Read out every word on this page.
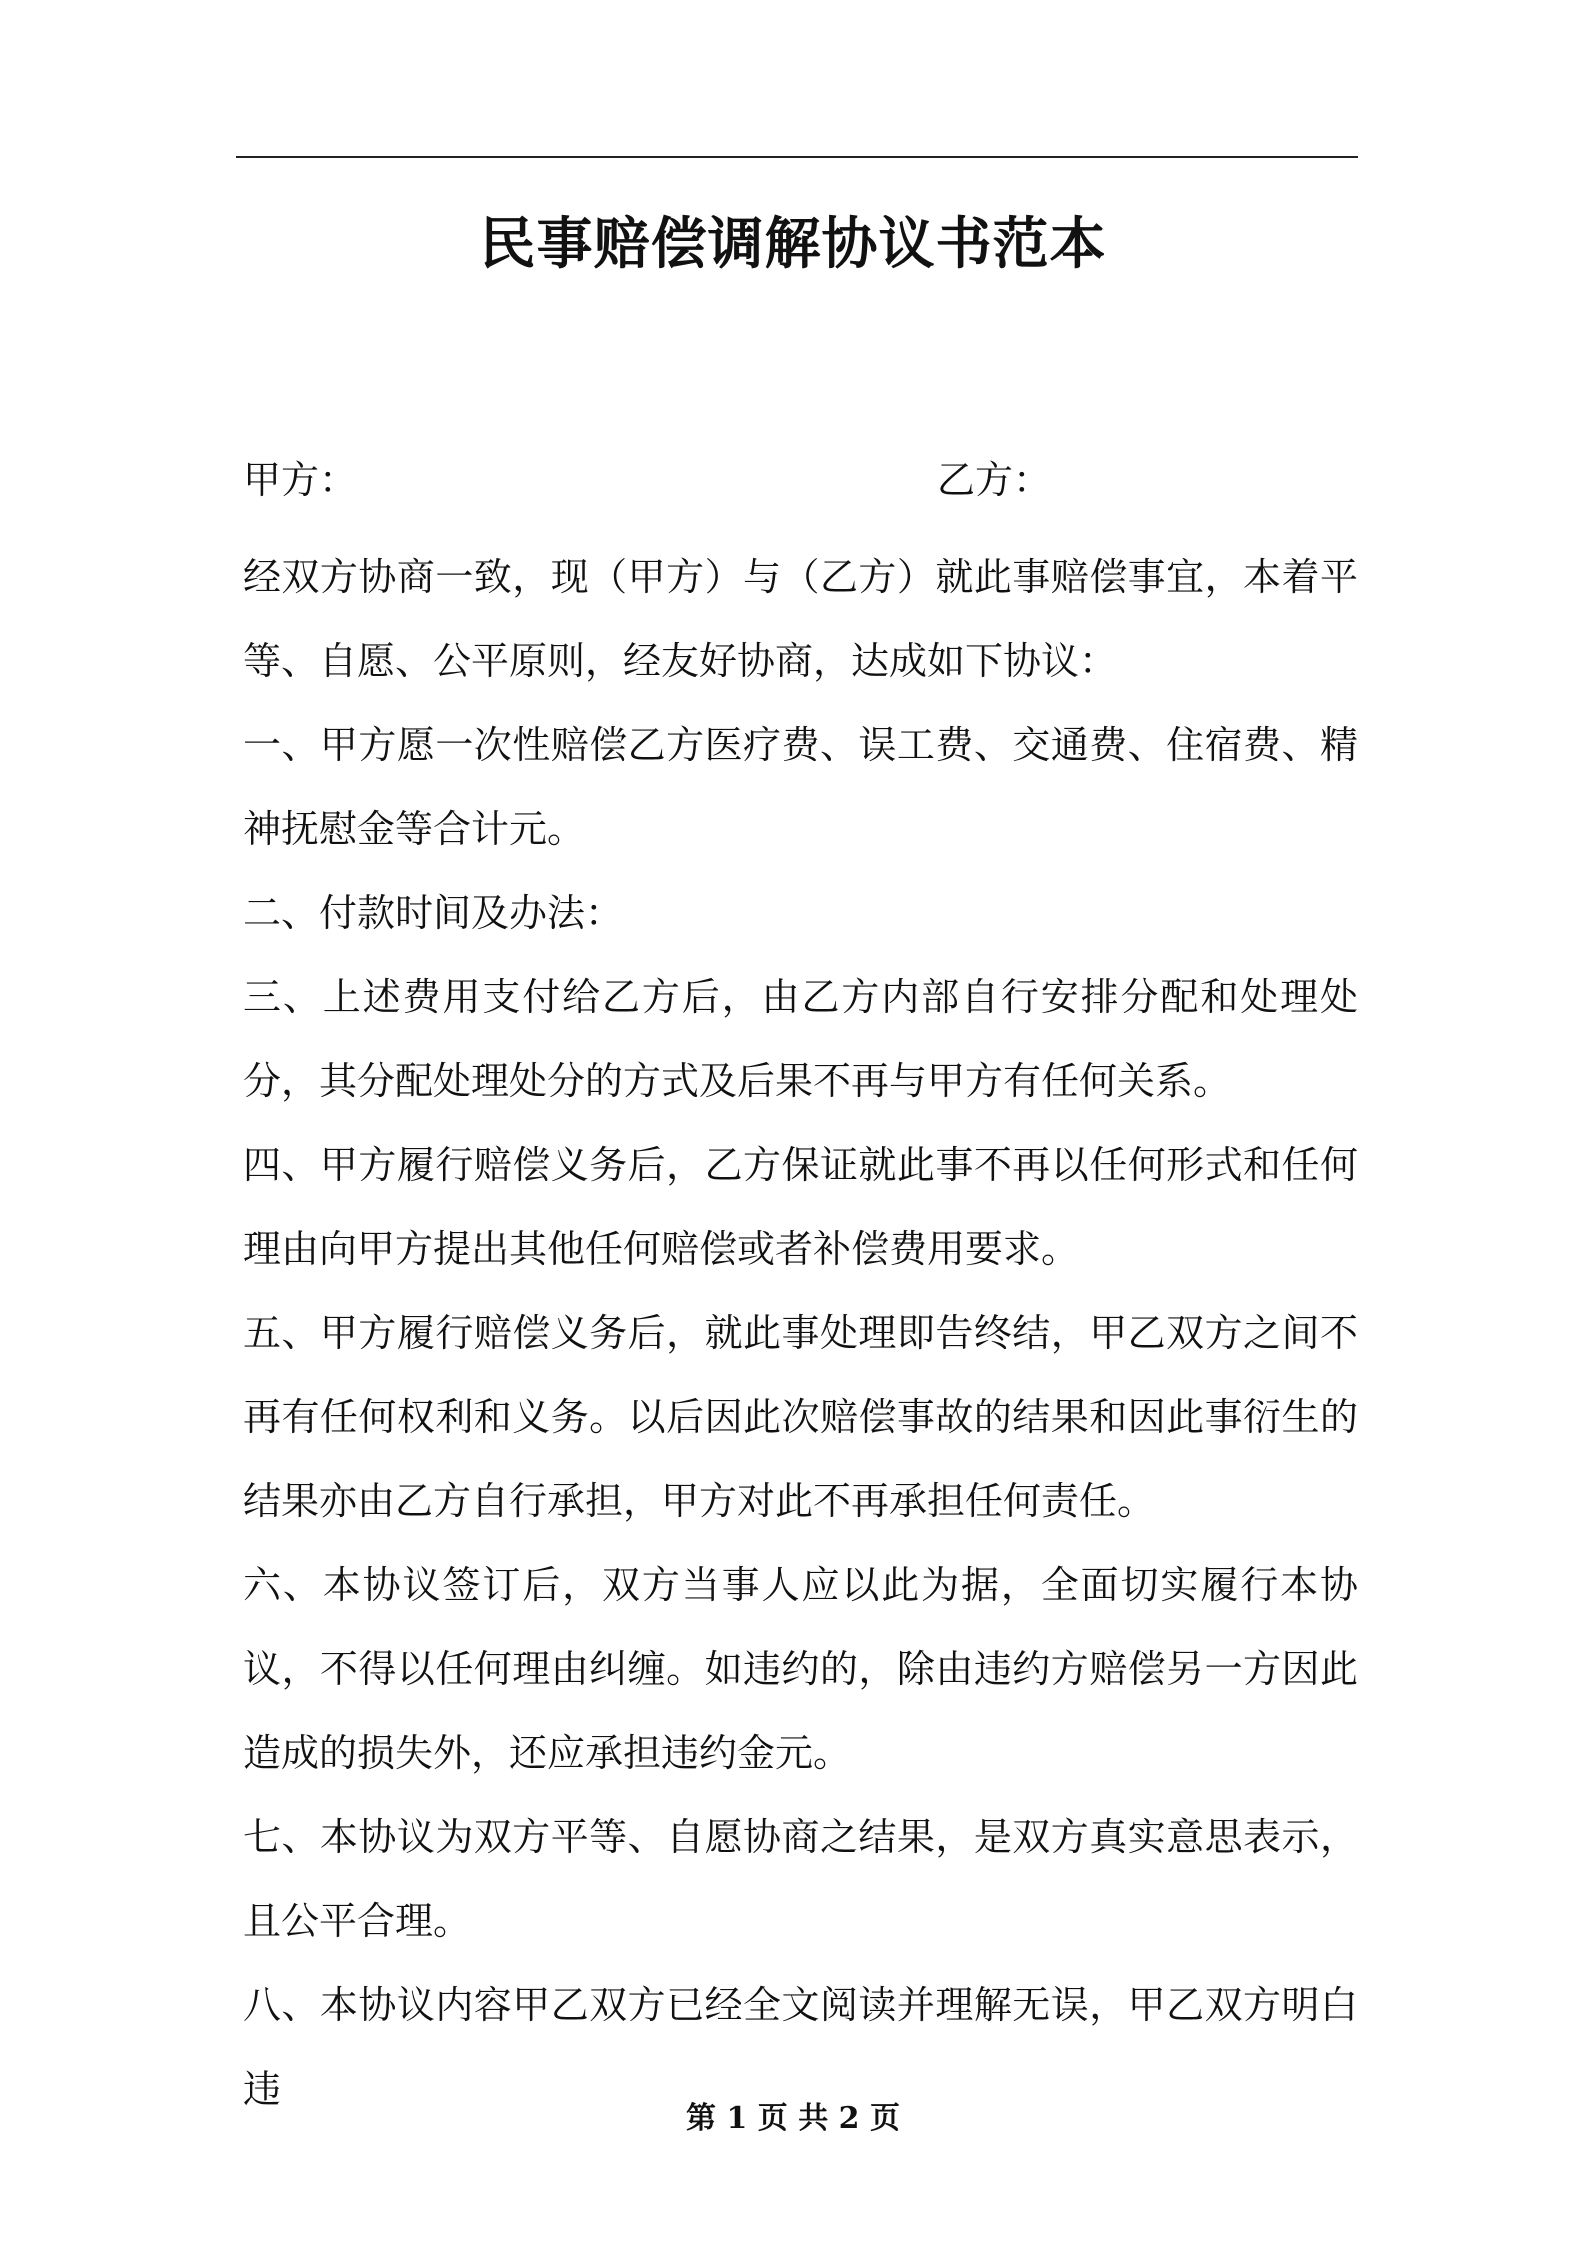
民事赔偿调解协议书范本
甲方：	乙方：

经双方协商一致，现（甲方）与（乙方）就此事赔偿事宜，本着平等、自愿、公平原则，经友好协商，达成如下协议：

一、甲方愿一次性赔偿乙方医疗费、误工费、交通费、住宿费、精神抚慰金等合计元。

二、付款时间及办法：

三、上述费用支付给乙方后，由乙方内部自行安排分配和处理处分，其分配处理处分的方式及后果不再与甲方有任何关系。

四、甲方履行赔偿义务后，乙方保证就此事不再以任何形式和任何理由向甲方提出其他任何赔偿或者补偿费用要求。

五、甲方履行赔偿义务后，就此事处理即告终结，甲乙双方之间不再有任何权利和义务。以后因此次赔偿事故的结果和因此事衍生的结果亦由乙方自行承担，甲方对此不再承担任何责任。

六、本协议签订后，双方当事人应以此为据，全面切实履行本协议，不得以任何理由纠缠。如违约的，除由违约方赔偿另一方因此造成的损失外，还应承担违约金元。

七、本协议为双方平等、自愿协商之结果，是双方真实意思表示，且公平合理。

八、本协议内容甲乙双方已经全文阅读并理解无误，甲乙双方明白违

第 1 页 共 2 页
